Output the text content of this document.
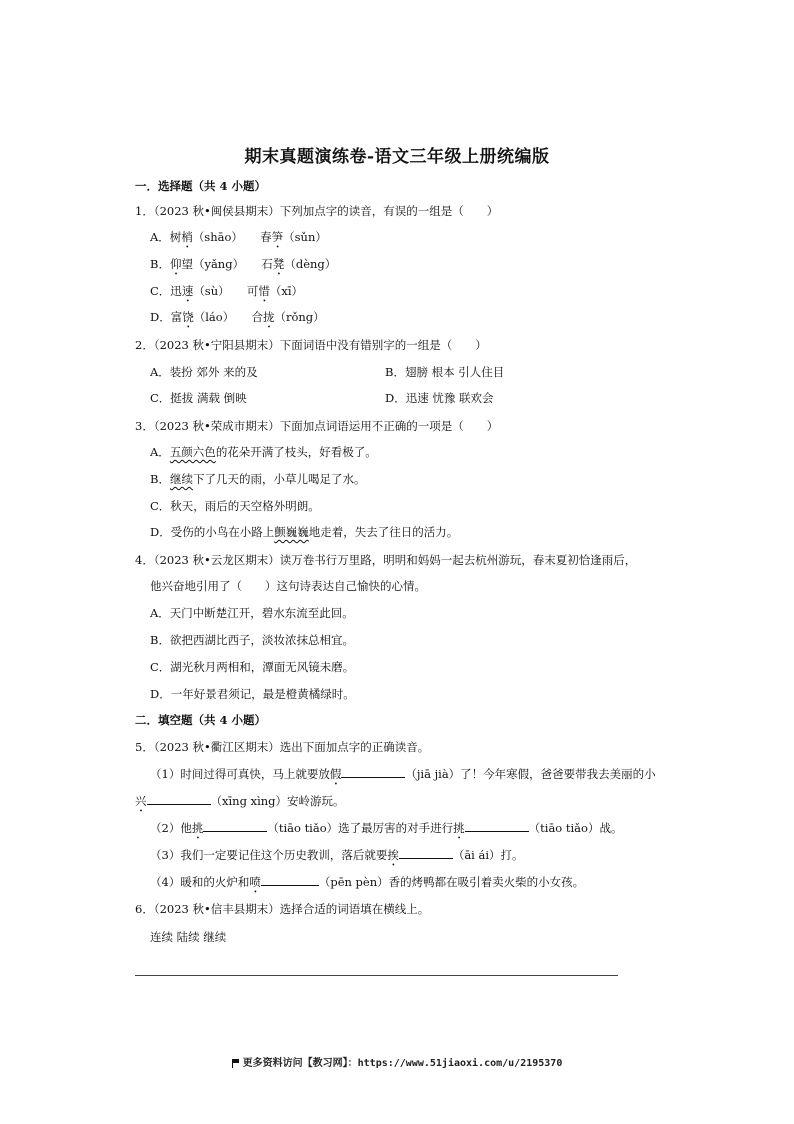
期末真题演练卷-语文三年级上册统编版
一．选择题（共 4 小题）
1．（2023 秋•闽侯县期末）下列加点字的读音，有误的一组是（　　）
A．树梢（shāo）　　春笋（sǔn）
B．仰望（yǎng）　　石凳（dèng）
C．迅速（sù）　　可惜（xī）
D．富饶（láo）　　合拢（rǒng）
2．（2023 秋•宁阳县期末）下面词语中没有错别字的一组是（　　）
A．装扮 郊外 来的及	B．翅膀 根本 引人住目
C．挺拔 满载 倒映	D．迅速 忧豫 联欢会
3．（2023 秋•荣成市期末）下面加点词语运用不正确的一项是（　　）
A．五颜六色的花朵开满了枝头，好看极了。
B．继续下了几天的雨，小草儿喝足了水。
C．秋天，雨后的天空格外明朗。
D．受伤的小鸟在小路上颤巍巍地走着，失去了往日的活力。
4．（2023 秋•云龙区期末）读万卷书行万里路，明明和妈妈一起去杭州游玩，春末夏初恰逢雨后，
他兴奋地引用了（　　）这句诗表达自己愉快的心情。
A．天门中断楚江开，碧水东流至此回。
B．欲把西湖比西子，淡妆浓抹总相宜。
C．湖光秋月两相和，潭面无风镜未磨。
D．一年好景君须记，最是橙黄橘绿时。
二．填空题（共 4 小题）
5．（2023 秋•衢江区期末）选出下面加点字的正确读音。
（1）时间过得可真快，马上就要放假	（jiā jià）了！今年寒假，爸爸要带我去美丽的小
兴	（xīng xìng）安岭游玩。
（2）他挑	（tiāo tiǎo）选了最厉害的对手进行挑	（tiāo tiǎo）战。
（3）我们一定要记住这个历史教训，落后就要挨	（āi ái）打。
（4）暖和的火炉和喷	（pēn pèn）香的烤鸭都在吸引着卖火柴的小女孩。
6．（2023 秋•信丰县期末）选择合适的词语填在横线上。
连续 陆续 继续
更多资料访问【教习网】：https://www.51jiaoxi.com/u/2195370
